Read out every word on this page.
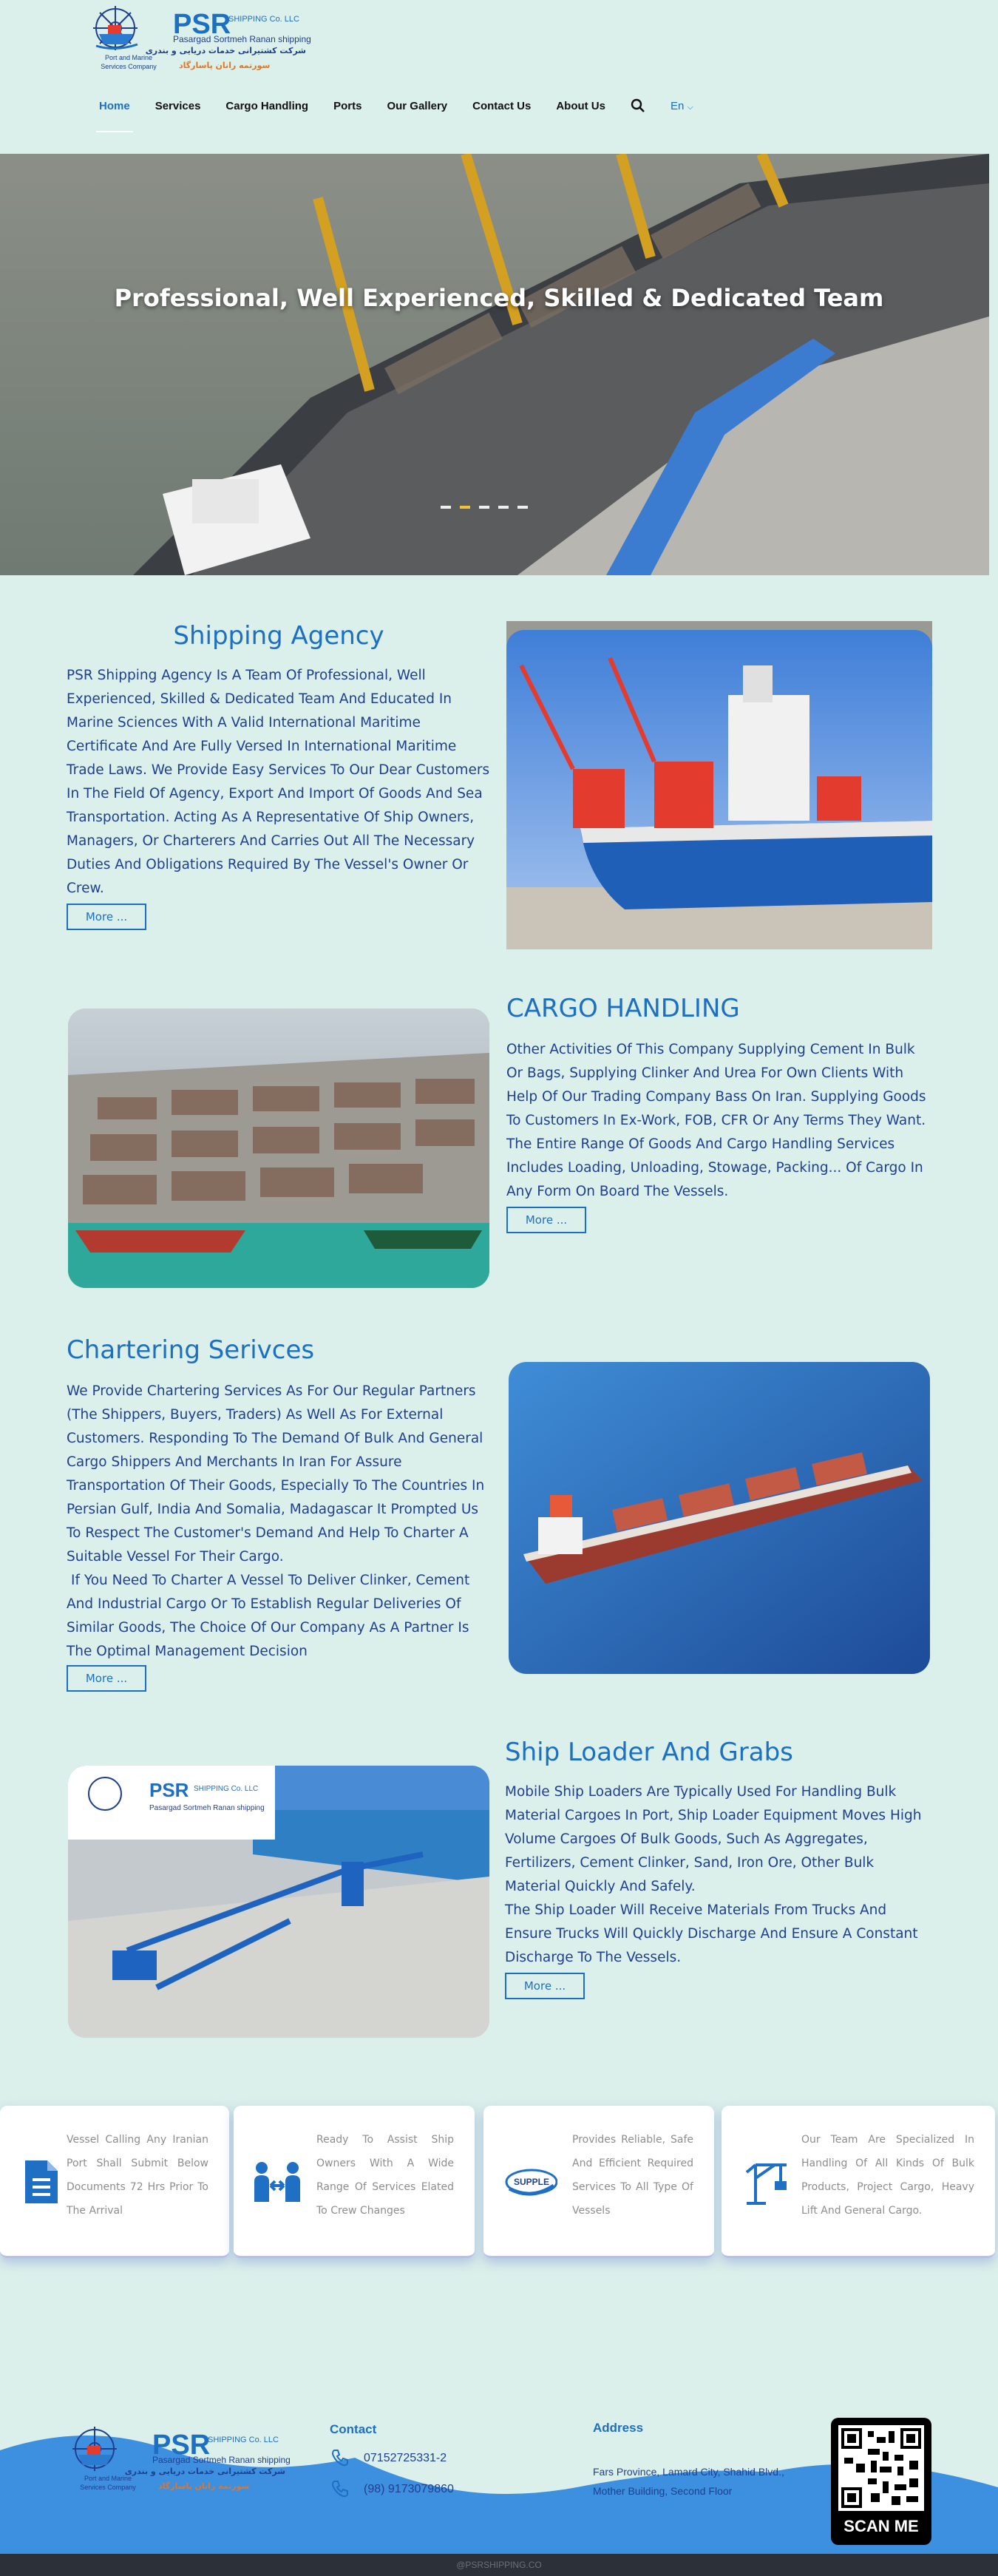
Port and Marine Services Company
PSR
SHIPPING Co. LLC
Pasargad Sortmeh Ranan shipping
شرکت کشتیرانی خدمات دریایی و بندری
سورتمه رانان پاسارگاد
Home Services Cargo Handling Ports Our Gallery Contact Us About Us	En ⌵
Professional, Well Experienced, Skilled & Dedicated Team
Shipping Agency
PSR Shipping Agency Is A Team Of Professional, Well Experienced, Skilled & Dedicated Team And Educated In Marine Sciences With A Valid International Maritime Certificate And Are Fully Versed In International Maritime Trade Laws. We Provide Easy Services To Our Dear Customers In The Field Of Agency, Export And Import Of Goods And Sea Transportation. Acting As A Representative Of Ship Owners, Managers, Or Charterers And Carries Out All The Necessary Duties And Obligations Required By The Vessel's Owner Or Crew.
More ...
CARGO HANDLING
Other Activities Of This Company Supplying Cement In Bulk Or Bags, Supplying Clinker And Urea For Own Clients With Help Of Our Trading Company Bass On Iran. Supplying Goods To Customers In Ex-Work, FOB, CFR Or Any Terms They Want. The Entire Range Of Goods And Cargo Handling Services Includes Loading, Unloading, Stowage, Packing... Of Cargo In Any Form On Board The Vessels.
More ...
Chartering Serivces
We Provide Chartering Services As For Our Regular Partners (The Shippers, Buyers, Traders) As Well As For External Customers. Responding To The Demand Of Bulk And General Cargo Shippers And Merchants In Iran For Assure Transportation Of Their Goods, Especially To The Countries In Persian Gulf, India And Somalia, Madagascar It Prompted Us To Respect The Customer's Demand And Help To Charter A Suitable Vessel For Their Cargo.
If You Need To Charter A Vessel To Deliver Clinker, Cement And Industrial Cargo Or To Establish Regular Deliveries Of Similar Goods, The Choice Of Our Company As A Partner Is The Optimal Management Decision
More ...
PSR SHIPPING Co. LLC
Pasargad Sortmeh Ranan shipping
Ship Loader And Grabs
Mobile Ship Loaders Are Typically Used For Handling Bulk Material Cargoes In Port, Ship Loader Equipment Moves High Volume Cargoes Of Bulk Goods, Such As Aggregates, Fertilizers, Cement Clinker, Sand, Iron Ore, Other Bulk Material Quickly And Safely.
The Ship Loader Will Receive Materials From Trucks And Ensure Trucks Will Quickly Discharge And Ensure A Constant Discharge To The Vessels.
More ...
Vessel Calling Any Iranian Port Shall Submit Below Documents 72 Hrs Prior To The Arrival
Ready To Assist Ship Owners With A Wide Range Of Services Elated To Crew Changes
SUPPLE
Provides Reliable, Safe And Efficient Required Services To All Type Of Vessels
Our Team Are Specialized In Handling Of All Kinds Of Bulk Products, Project Cargo, Heavy Lift And General Cargo.
Port and Marine Services Company
PSR
SHIPPING Co. LLC
Pasargad Sortmeh Ranan shipping
شرکت کشتیرانی خدمات دریایی و بندری
سورتمه رانان پاسارگاد
Contact
07152725331-2
(98) 9173079860
Address
Fars Province, Lamard City, Shahid Blvd., Mother Building, Second Floor
SCAN ME
@PSRSHIPPING.CO
